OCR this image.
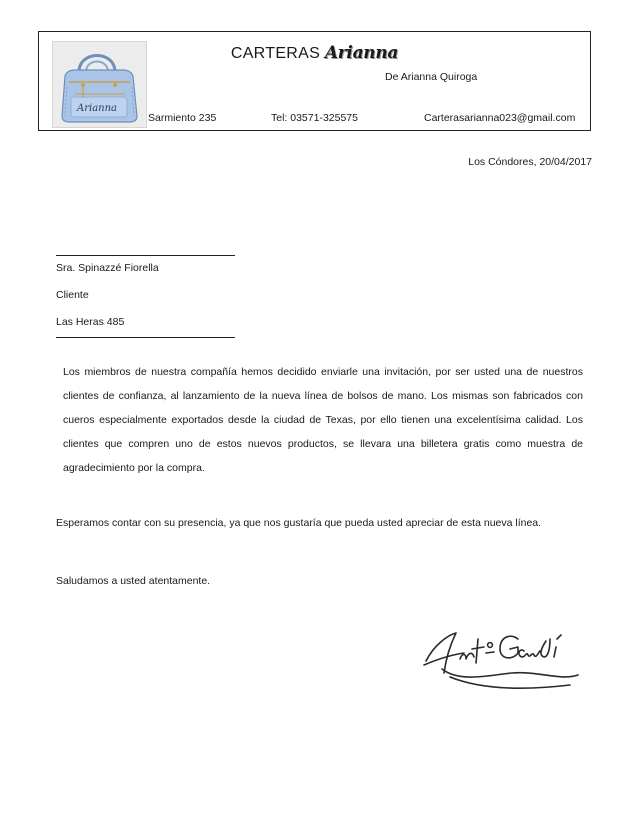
Arianna
CARTERAS Arianna
De Arianna Quiroga
Sarmiento 235	Tel: 03571-325575	Carterasarianna023@gmail.com
Los Cóndores, 20/04/2017
Sra. Spinazzé Fiorella
Cliente
Las Heras 485
Los miembros de nuestra compañía hemos decidido enviarle una invitación, por ser usted una de nuestros clientes de confianza, al lanzamiento de la nueva línea de bolsos de mano. Los mismas son fabricados con cueros especialmente exportados desde la ciudad de Texas, por ello tienen una excelentísima calidad. Los clientes que compren uno de estos nuevos productos, se llevara una billetera gratis como muestra de agradecimiento por la compra.
Esperamos contar con su presencia, ya que nos gustaría que pueda usted apreciar de esta nueva línea.
Saludamos a usted atentamente.
